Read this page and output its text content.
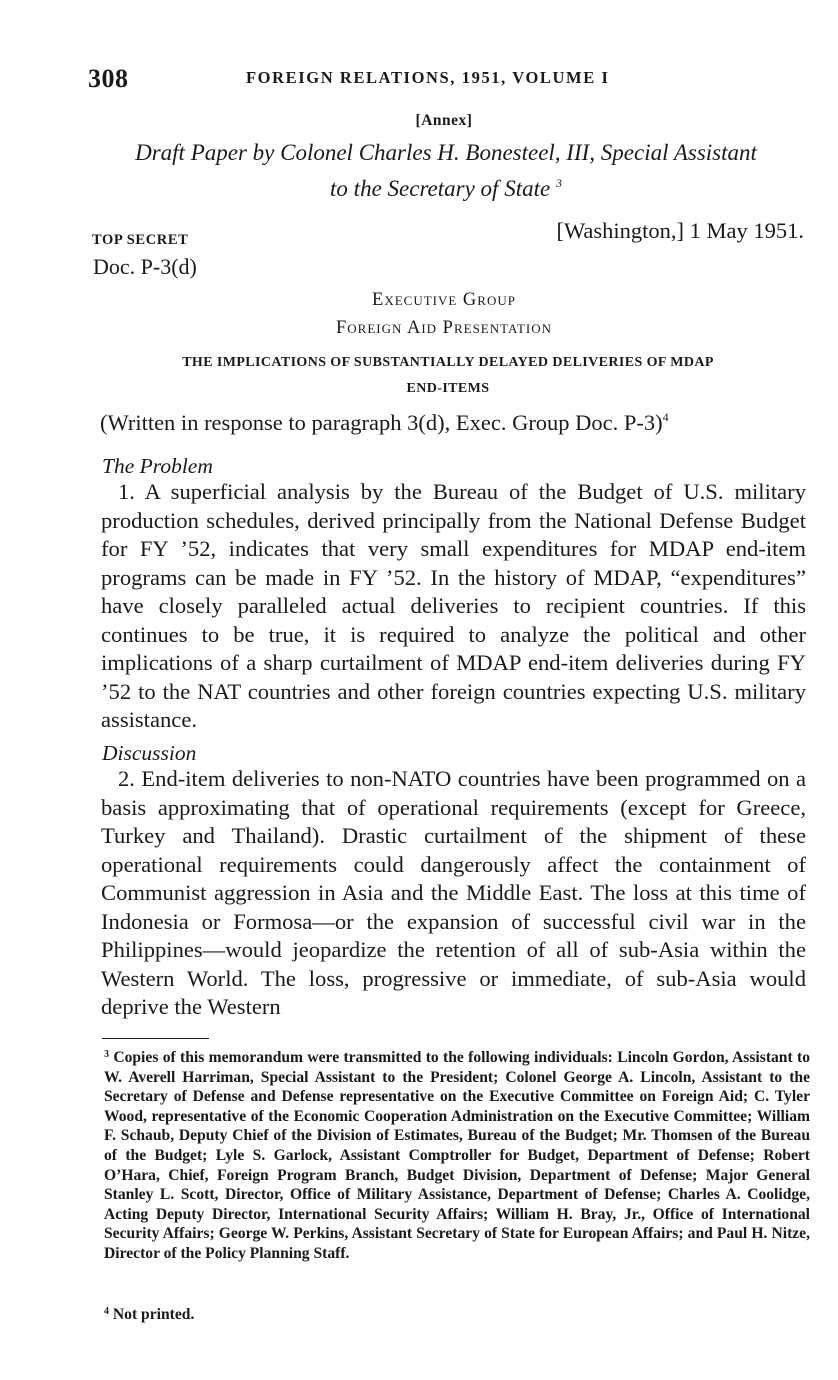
308	FOREIGN RELATIONS, 1951, VOLUME I
[Annex]
Draft Paper by Colonel Charles H. Bonesteel, III, Special Assistant
to the Secretary of State $^3$
TOP SECRET	[Washington,] 1 May 1951.
Doc. P-3(d)
Executive Group
Foreign Aid Presentation
THE IMPLICATIONS OF SUBSTANTIALLY DELAYED DELIVERIES OF MDAP
END-ITEMS
(Written in response to paragraph 3(d), Exec. Group Doc. P-3)$^4$
The Problem
1. A superficial analysis by the Bureau of the Budget of U.S. military production schedules, derived principally from the National Defense Budget for FY ’52, indicates that very small expenditures for MDAP end-item programs can be made in FY ’52. In the history of MDAP, “expenditures” have closely paralleled actual deliveries to recipient countries. If this continues to be true, it is required to analyze the political and other implications of a sharp curtailment of MDAP end-item deliveries during FY ’52 to the NAT countries and other foreign countries expecting U.S. military assistance.
Discussion
2. End-item deliveries to non-NATO countries have been programmed on a basis approximating that of operational requirements (except for Greece, Turkey and Thailand). Drastic curtailment of the shipment of these operational requirements could dangerously affect the containment of Communist aggression in Asia and the Middle East. The loss at this time of Indonesia or Formosa—or the expansion of successful civil war in the Philippines—would jeopardize the retention of all of sub-Asia within the Western World. The loss, progressive or immediate, of sub-Asia would deprive the Western
$^3$ Copies of this memorandum were transmitted to the following individuals: Lincoln Gordon, Assistant to W. Averell Harriman, Special Assistant to the President; Colonel George A. Lincoln, Assistant to the Secretary of Defense and Defense representative on the Executive Committee on Foreign Aid; C. Tyler Wood, representative of the Economic Cooperation Administration on the Executive Committee; William F. Schaub, Deputy Chief of the Division of Estimates, Bureau of the Budget; Mr. Thomsen of the Bureau of the Budget; Lyle S. Garlock, Assistant Comptroller for Budget, Department of Defense; Robert O’Hara, Chief, Foreign Program Branch, Budget Division, Department of Defense; Major General Stanley L. Scott, Director, Office of Military Assistance, Department of Defense; Charles A. Coolidge, Acting Deputy Director, International Security Affairs; William H. Bray, Jr., Office of International Security Affairs; George W. Perkins, Assistant Secretary of State for European Affairs; and Paul H. Nitze, Director of the Policy Planning Staff.
$^4$ Not printed.
